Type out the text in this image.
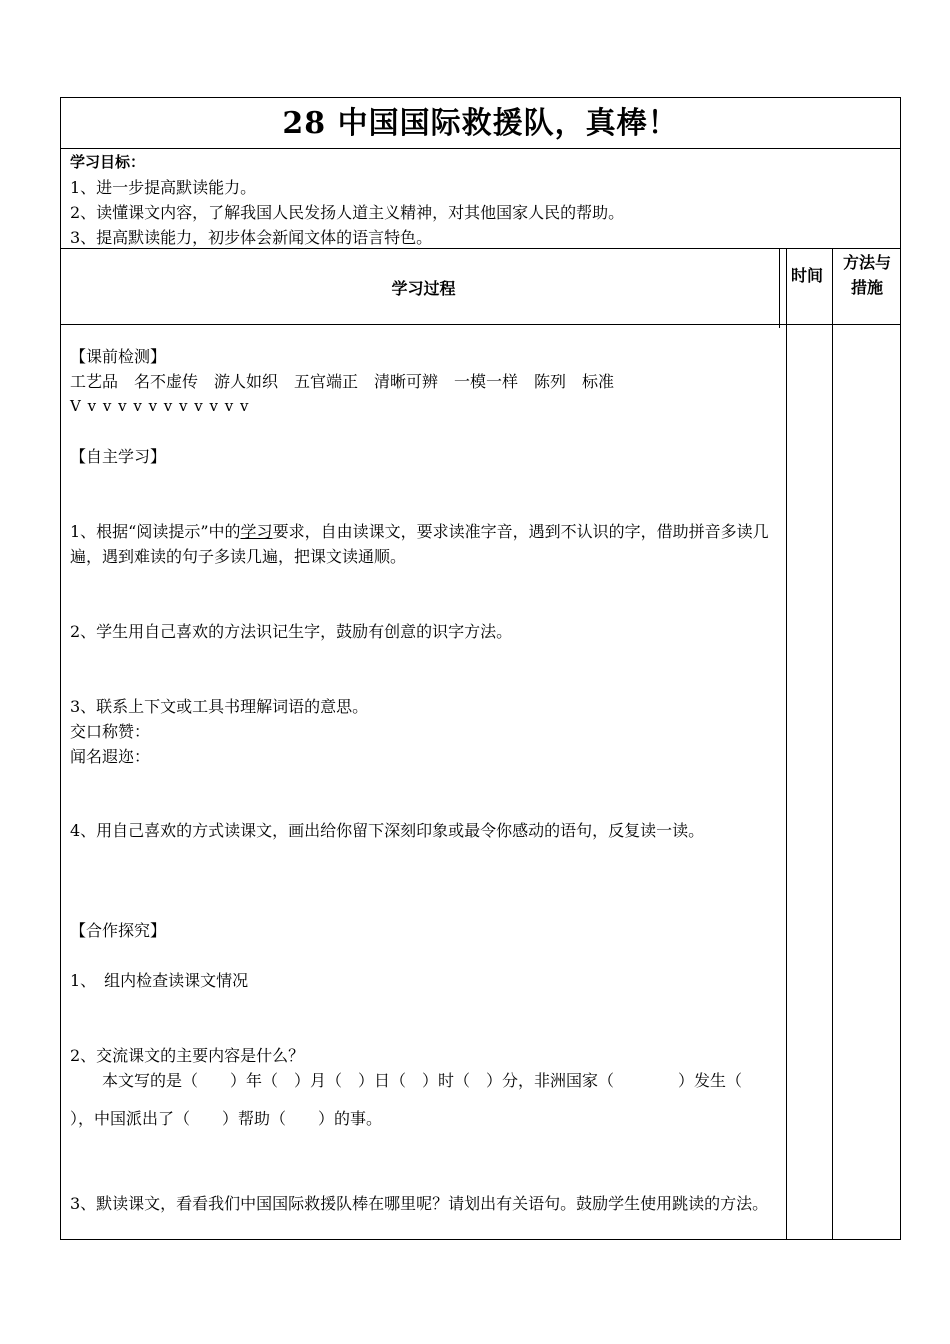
28 中国国际救援队，真棒！
学习目标：
1、进一步提高默读能力。
2、读懂课文内容，了解我国人民发扬人道主义精神，对其他国家人民的帮助。
3、提高默读能力，初步体会新闻文体的语言特色。
学习过程
时间
方法与措施
【课前检测】
工艺品　名不虚传　游人如织　五官端正　清晰可辨　一模一样　陈列　标准
V v v v v v v v v v v v
【自主学习】
1、根据“阅读提示”中的学习要求，自由读课文，要求读准字音，遇到不认识的字，借助拼音多读几遍，遇到难读的句子多读几遍，把课文读通顺。
2、学生用自己喜欢的方法识记生字，鼓励有创意的识字方法。
3、联系上下文或工具书理解词语的意思。
交口称赞：
闻名遐迩：
4、用自己喜欢的方式读课文，画出给你留下深刻印象或最令你感动的语句，反复读一读。
【合作探究】
1、　组内检查读课文情况
2、交流课文的主要内容是什么？
　　本文写的是（　　）年（　）月（　）日（　）时（　）分，非洲国家（　　　　）发生（
），中国派出了（　　）帮助（　　）的事。
3、默读课文，看看我们中国国际救援队棒在哪里呢？请划出有关语句。鼓励学生使用跳读的方法。
